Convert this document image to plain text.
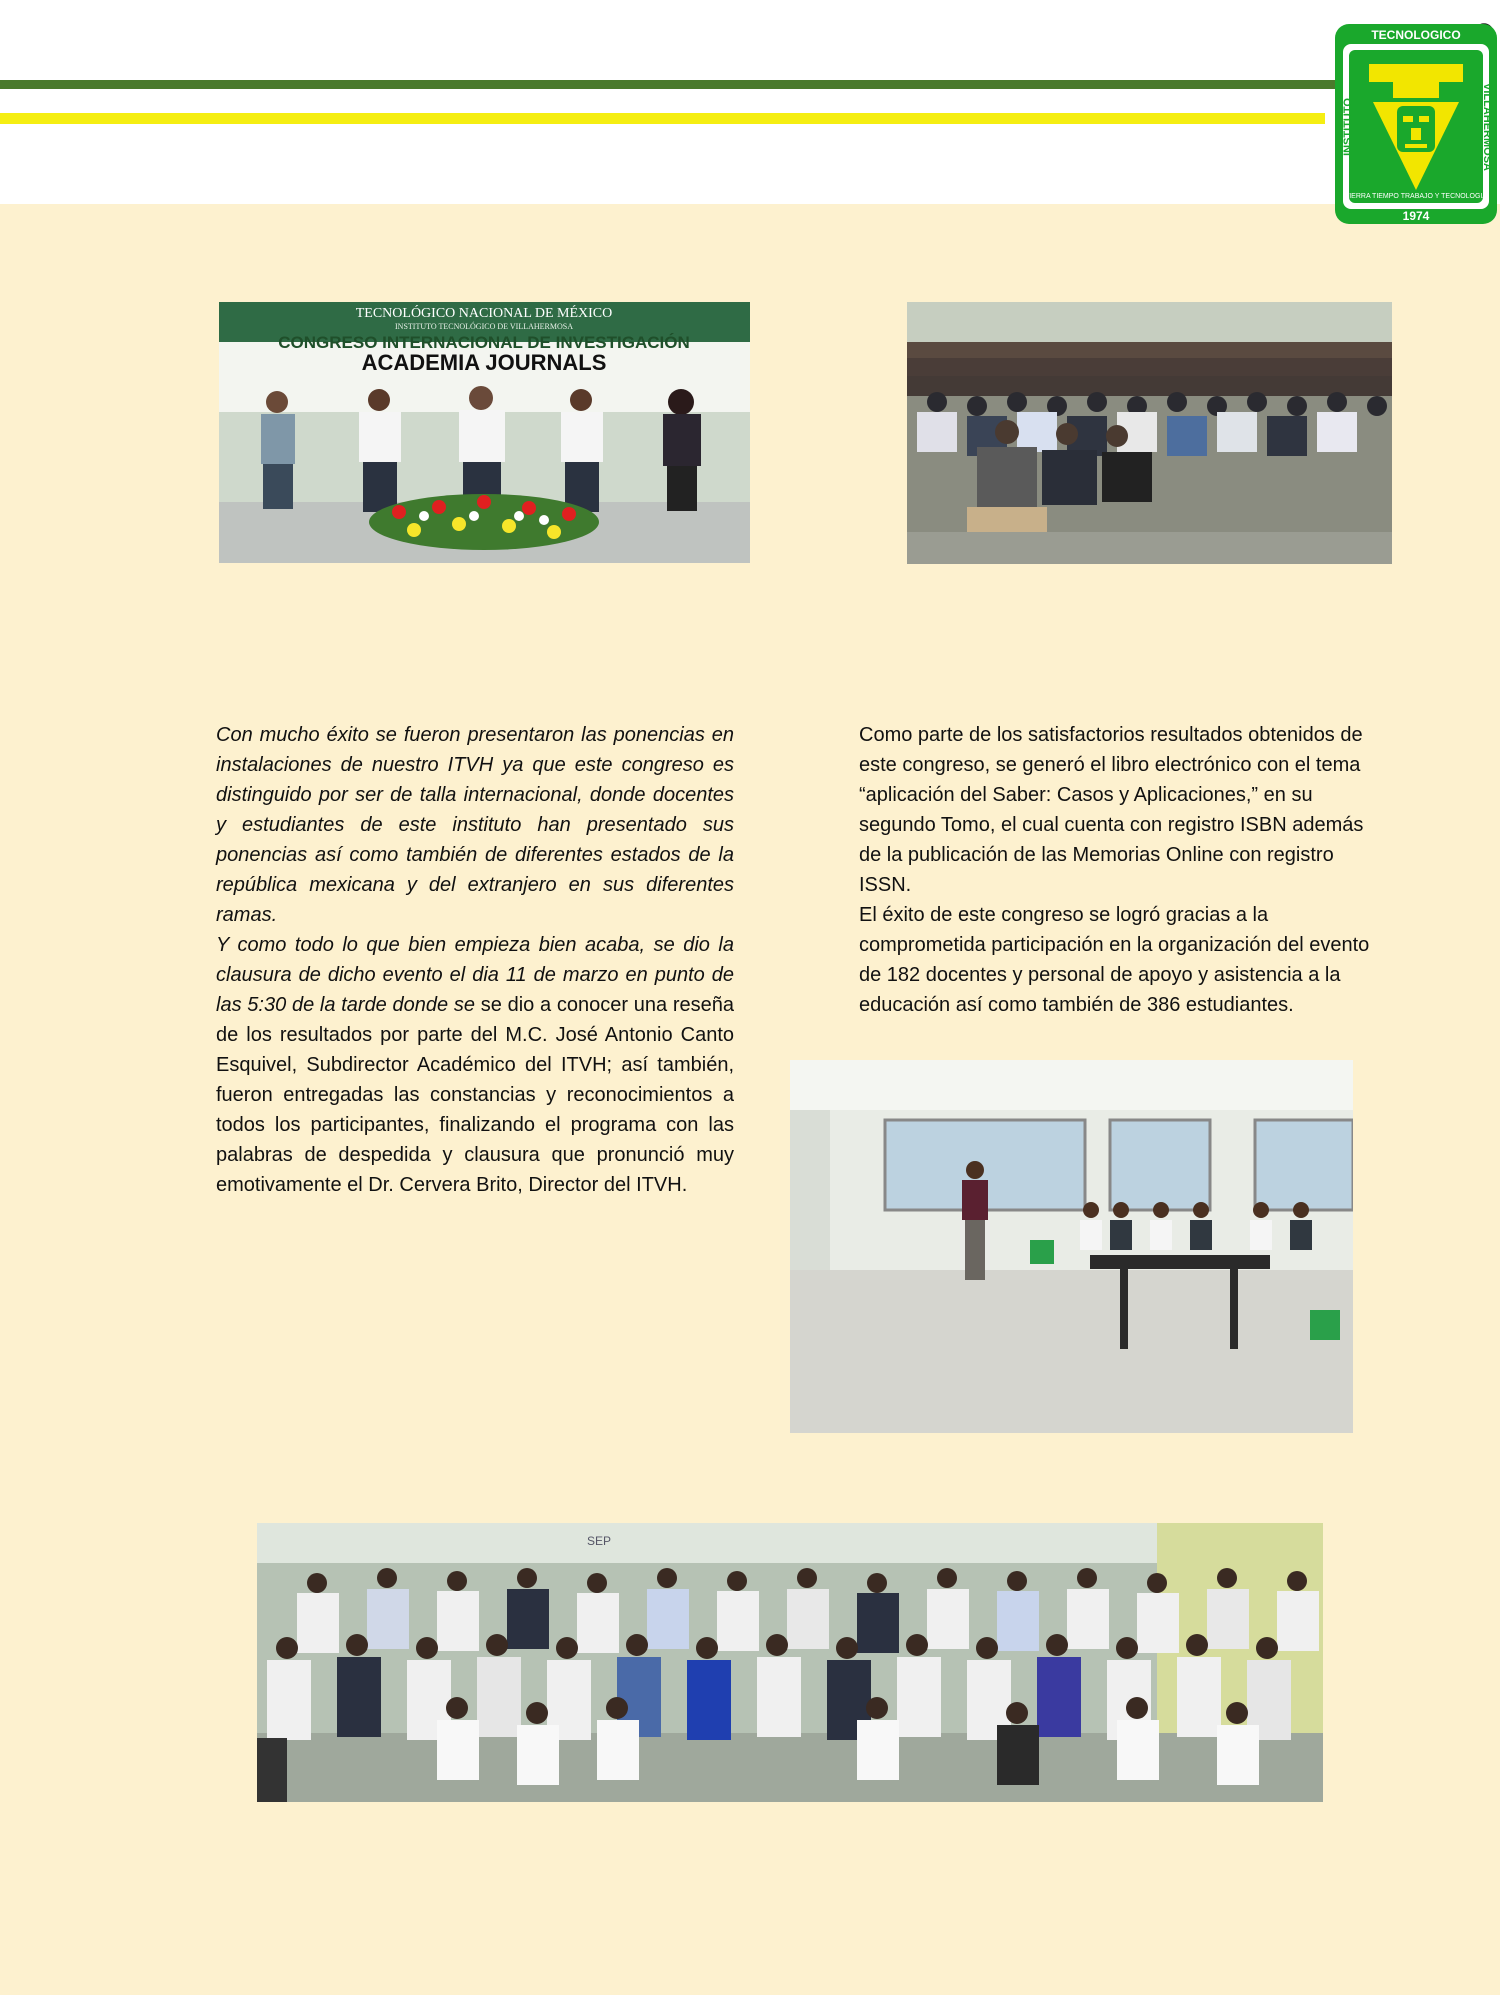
TECNOLOGICO
INSTITUTO	VILLAHERMOSA
1974
TIERRA TIEMPO TRABAJO Y TECNOLOGIA
TECNOLÓGICO NACIONAL DE MÉXICO
INSTITUTO TECNOLÓGICO DE VILLAHERMOSA
CONGRESO INTERNACIONAL DE INVESTIGACIÓN
ACADEMIA JOURNALS

Con mucho éxito se fueron presentaron las ponencias en instalaciones de nuestro ITVH ya que este congreso es distinguido por ser de talla internacional, donde docentes y estudiantes de este instituto han presentado sus ponencias así como también de diferentes estados de la república mexicana y del extranjero en sus diferentes ramas.

Y como todo lo que bien empieza bien acaba, se dio la clausura de dicho evento el dia 11 de marzo en punto de las 5:30 de la tarde donde se se dio a conocer una reseña de los resultados por parte del M.C. José Antonio Canto Esquivel, Subdirector Académico del ITVH; así también, fueron entregadas las constancias y reconocimientos a todos los participantes, finalizando el programa con las palabras de despedida y clausura que pronunció muy emotivamente el Dr. Cervera Brito, Director del ITVH.

Como parte de los satisfactorios resultados obtenidos de este congreso, se generó el libro electrónico con el tema “aplicación del Saber: Casos y Aplicaciones,” en su segundo Tomo, el cual cuenta con registro ISBN además de la publicación de las Memorias Online con registro ISSN.

El éxito de este congreso se logró gracias a la comprometida participación en la organización del evento de 182 docentes y personal de apoyo y asistencia a la educación así como también de 386 estudiantes.

SEP
